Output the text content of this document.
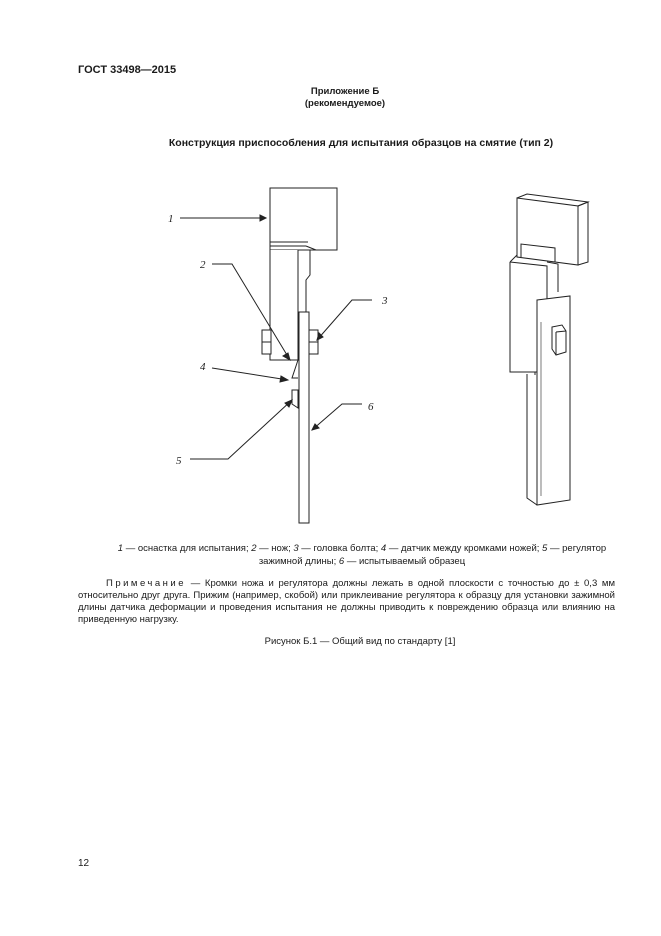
ГОСТ 33498—2015
Приложение Б
(рекомендуемое)
Конструкция приспособления для испытания образцов на смятие (тип 2)
1
2
3
4
5
6
1 — оснастка для испытания; 2 — нож; 3 — головка болта; 4 — датчик между кромками ножей; 5 — регулятор зажимной длины; 6 — испытываемый образец
Примечание — Кромки ножа и регулятора должны лежать в одной плоскости с точностью до ± 0,3 мм относительно друг друга. Прижим (например, скобой) или приклеивание регулятора к образцу для установки зажимной длины датчика деформации и проведения испытания не должны приводить к повреждению образца или влиянию на приведенную нагрузку.
Рисунок Б.1 — Общий вид по стандарту [1]
12
